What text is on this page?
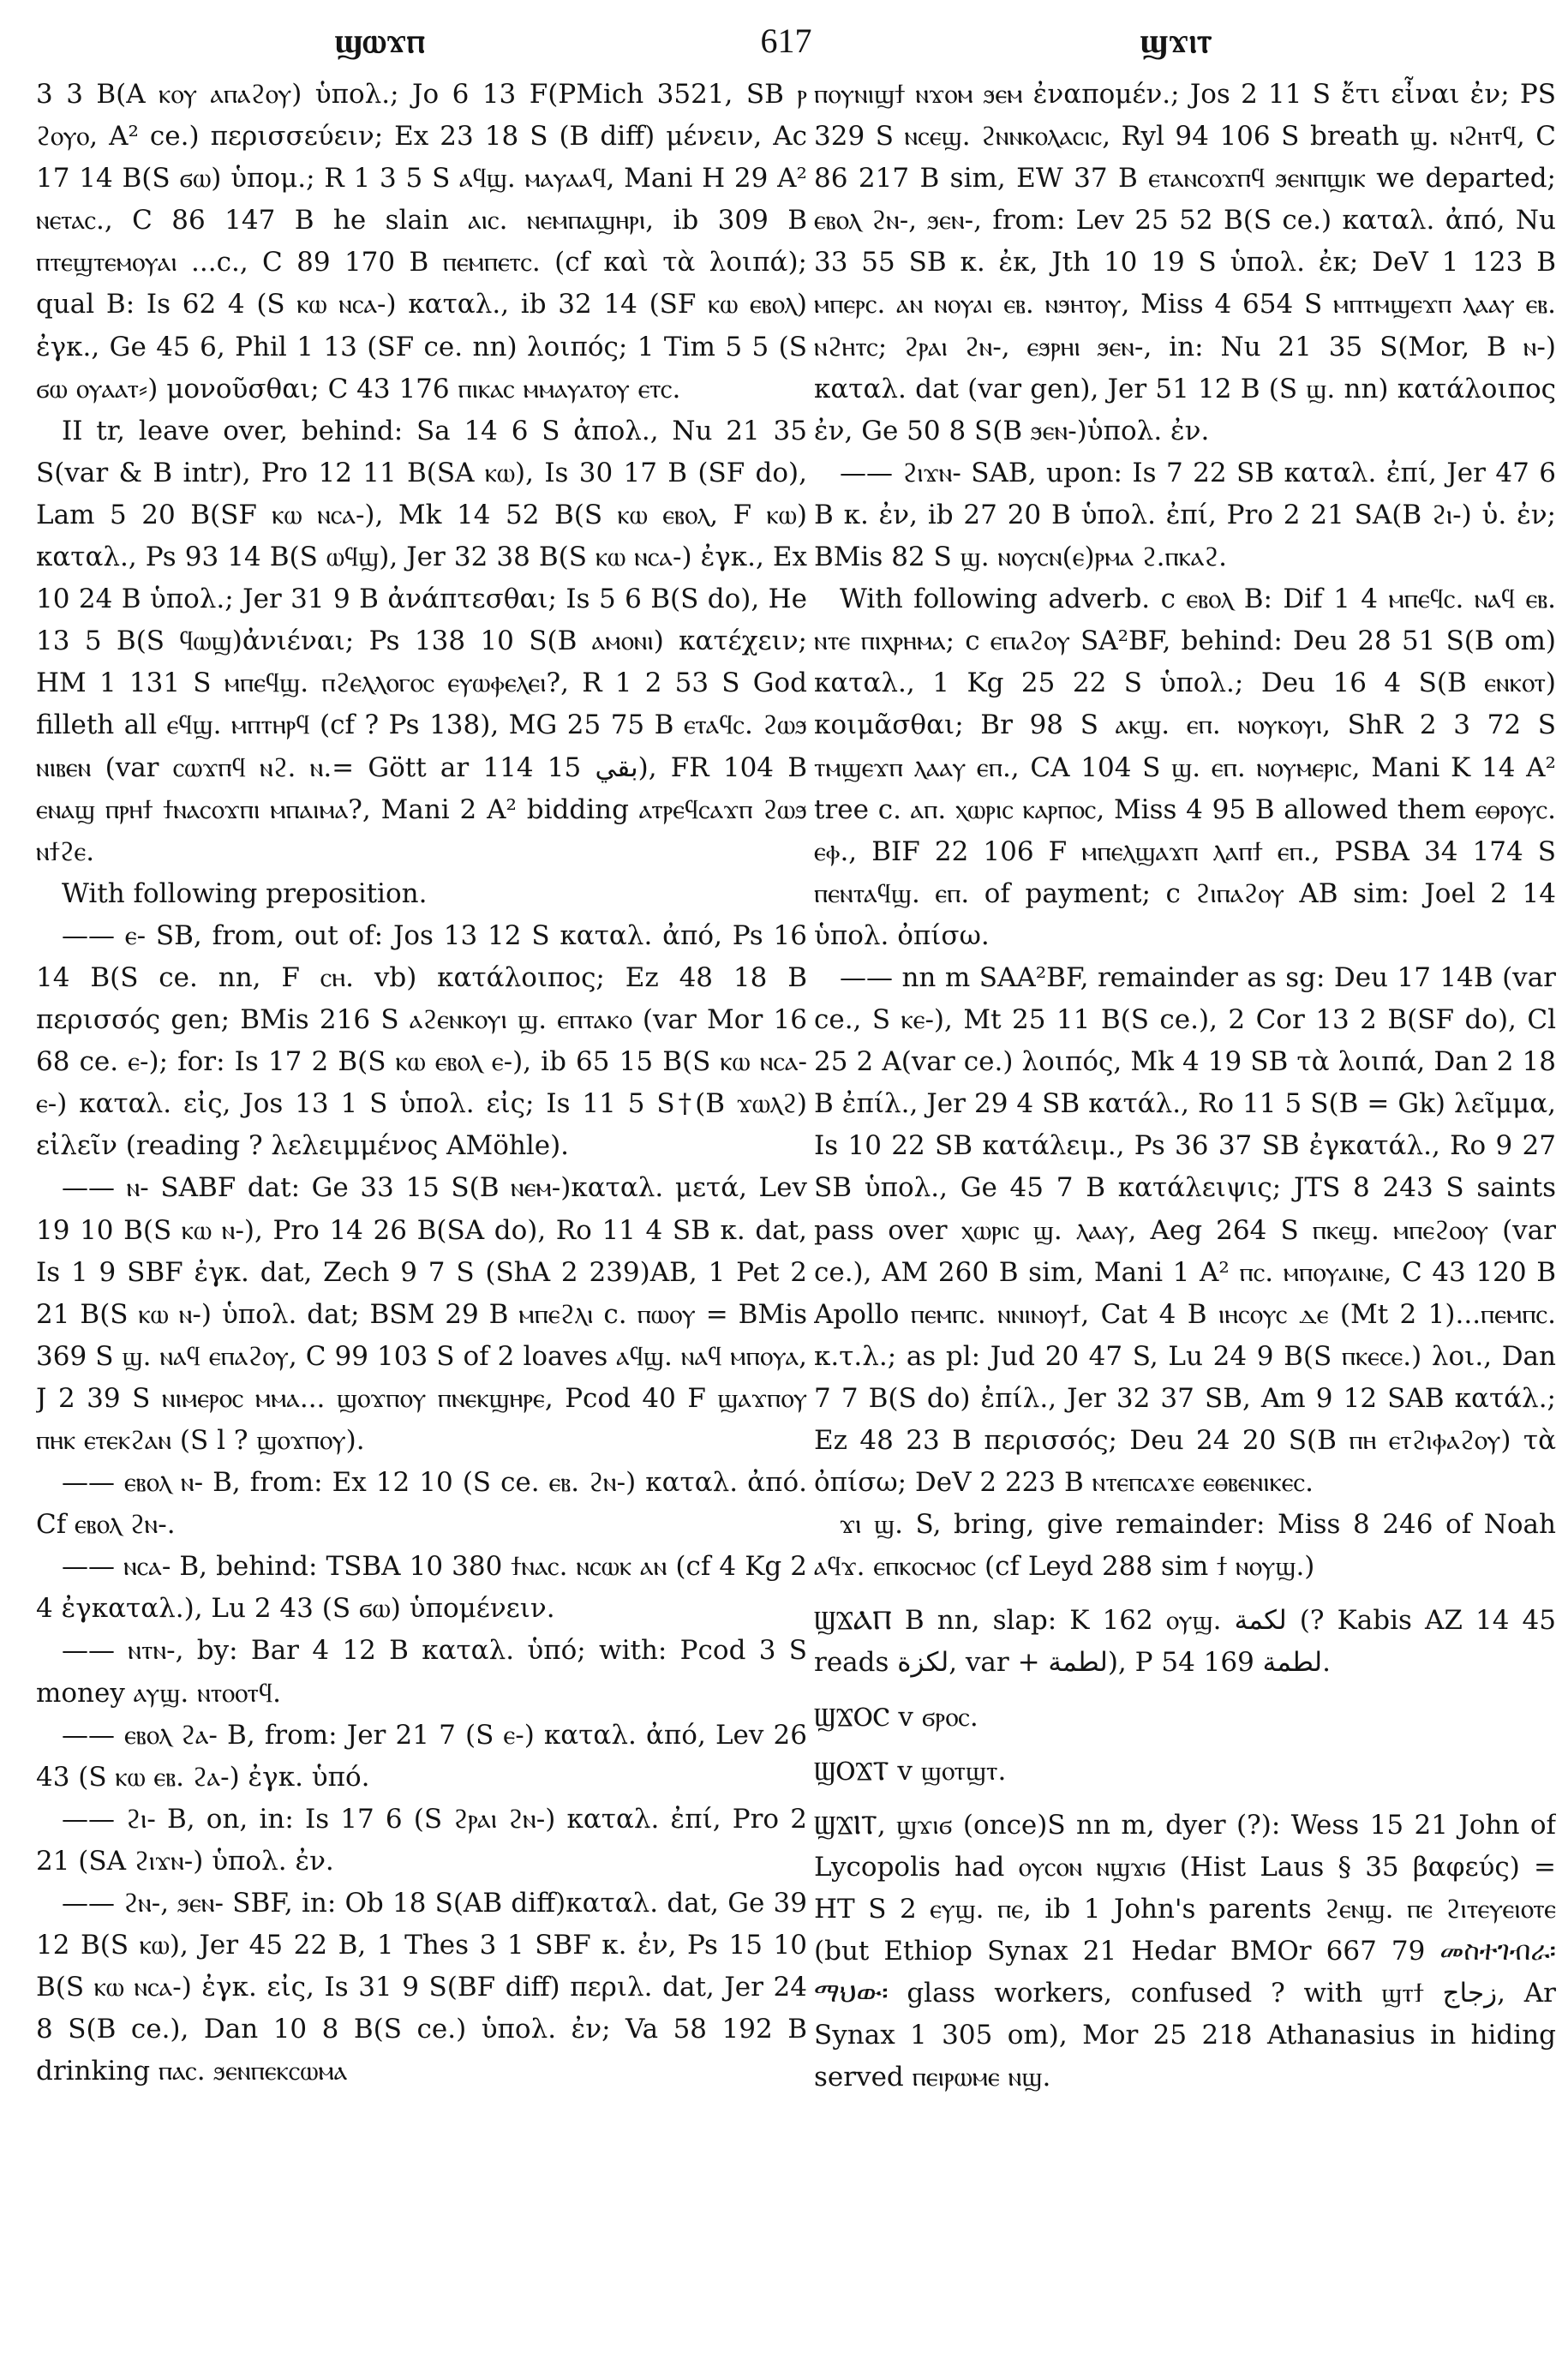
ϣⲱϫⲡ	617	ϣϫⲓⲧ

3 3 B(A ⲕⲟⲩ ⲁⲡⲁϩⲟⲩ) ὑπολ.; Jo 6 13 F(PMich 3521, SB ⲣ ϩⲟⲩⲟ, A² ce.) περισσεύειν; Ex 23 18 S (B diff) μένειν, Ac 17 14 B(S ϭⲱ) ὑπομ.; R 1 3 5 S ⲁϥϣ. ⲙⲁⲩⲁⲁϥ, Mani H 29 A² ⲛⲉⲧⲁⲥ., C 86 147 B he slain ⲁⲓⲥ. ⲛⲉⲙⲡⲁϣⲏⲣⲓ, ib 309 B ⲡⲧⲉϣⲧⲉⲙⲟⲩⲁⲓ ...c., C 89 170 B ⲡⲉⲙⲡⲉⲧⲥ. (cf καὶ τὰ λοιπά); qual B: Is 62 4 (S ⲕⲱ ⲛⲥⲁ-) καταλ., ib 32 14 (SF ⲕⲱ ⲉⲃⲟⲗ) ἐγκ., Ge 45 6, Phil 1 13 (SF ce. nn) λοιπός; 1 Tim 5 5 (S ϭⲱ ⲟⲩⲁⲁⲧ⸗) μονοῦσθαι; C 43 176 ⲡⲓⲕⲁⲥ ⲙⲙⲁⲩⲁⲧⲟⲩ ⲉⲧⲥ.

II tr, leave over, behind: Sa 14 6 S ἀπολ., Nu 21 35 S(var & B intr), Pro 12 11 B(SA ⲕⲱ), Is 30 17 B (SF do), Lam 5 20 B(SF ⲕⲱ ⲛⲥⲁ-), Mk 14 52 B(S ⲕⲱ ⲉⲃⲟⲗ, F ⲕⲱ) καταλ., Ps 93 14 B(S ⲱϥϣ), Jer 32 38 B(S ⲕⲱ ⲛⲥⲁ-) ἐγκ., Ex 10 24 B ὑπολ.; Jer 31 9 B ἀνάπτεσθαι; Is 5 6 B(S do), He 13 5 B(S ϥⲱϣ)ἀνιέναι; Ps 138 10 S(B ⲁⲙⲟⲛⲓ) κατέχειν; HM 1 131 S ⲙⲡⲉϥϣ. ⲡϩⲉⲗⲗⲟⲅⲟⲥ ⲉⲩⲱⲫⲉⲗⲉⲓ?, R 1 2 53 S God filleth all ⲉϥϣ. ⲙⲡⲧⲏⲣϥ (cf ? Ps 138), MG 25 75 B ⲉⲧⲁϥⲥ. ϩⲱϧ ⲛⲓⲃⲉⲛ (var ⲥⲱϫⲡϥ ⲛϩ. ⲛ.= Gött ar 114 15 بقي), FR 104 B ⲉⲛⲁϣ ⲡⲣⲏϯ ϯⲛⲁⲥⲟϫⲡⲓ ⲙⲡⲁⲓⲙⲁ?, Mani 2 A² bidding ⲁⲧⲣⲉϥⲥⲁϫⲡ ϩⲱϧ ⲛϯϩⲉ.

With following preposition.

—— ⲉ- SB, from, out of: Jos 13 12 S καταλ. ἀπό, Ps 16 14 B(S ce. nn, F ⲥⲏ. vb) κατάλοιπος; Ez 48 18 B περισσός gen; BMis 216 S ⲁϩⲉⲛⲕⲟⲩⲓ ϣ. ⲉⲡⲧⲁⲕⲟ (var Mor 16 68 ce. ⲉ-); for: Is 17 2 B(S ⲕⲱ ⲉⲃⲟⲗ ⲉ-), ib 65 15 B(S ⲕⲱ ⲛⲥⲁ- ⲉ-) καταλ. εἰς, Jos 13 1 S ὑπολ. εἰς; Is 11 5 S†(B ϫⲱⲗϩ) εἰλεῖν (reading ? λελειμμένος AMöhle).

—— ⲛ- SABF dat: Ge 33 15 S(B ⲛⲉⲙ-)καταλ. μετά, Lev 19 10 B(S ⲕⲱ ⲛ-), Pro 14 26 B(SA do), Ro 11 4 SB κ. dat, Is 1 9 SBF ἐγκ. dat, Zech 9 7 S (ShA 2 239)AB, 1 Pet 2 21 B(S ⲕⲱ ⲛ-) ὑπολ. dat; BSM 29 B ⲙⲡⲉϩⲗⲓ c. ⲡⲱⲟⲩ = BMis 369 S ϣ. ⲛⲁϥ ⲉⲡⲁϩⲟⲩ, C 99 103 S of 2 loaves ⲁϥϣ. ⲛⲁϥ ⲙⲡⲟⲩⲁ, J 2 39 S ⲛⲓⲙⲉⲣⲟⲥ ⲙⲙⲁ... ϣⲟϫⲡⲟⲩ ⲡⲛⲉⲕϣⲏⲣⲉ, Pcod 40 F ϣⲁϫⲡⲟⲩ ⲡⲏⲕ ⲉⲧⲉⲕϩⲁⲛ (S l ? ϣⲟϫⲡⲟⲩ).

—— ⲉⲃⲟⲗ ⲛ- B, from: Ex 12 10 (S ce. ⲉⲃ. ϩⲛ-) καταλ. ἀπό. Cf ⲉⲃⲟⲗ ϩⲛ-.

—— ⲛⲥⲁ- B, behind: TSBA 10 380 ϯⲛⲁⲥ. ⲛⲥⲱⲕ ⲁⲛ (cf 4 Kg 2 4 ἐγκαταλ.), Lu 2 43 (S ϭⲱ) ὑπομένειν.

—— ⲛⲧⲛ-, by: Bar 4 12 B καταλ. ὑπό; with: Pcod 3 S money ⲁⲩϣ. ⲛⲧⲟⲟⲧϥ.

—— ⲉⲃⲟⲗ ϩⲁ- B, from: Jer 21 7 (S ⲉ-) καταλ. ἀπό, Lev 26 43 (S ⲕⲱ ⲉⲃ. ϩⲁ-) ἐγκ. ὑπό.

—— ϩⲓ- B, on, in: Is 17 6 (S ϩⲣⲁⲓ ϩⲛ-) καταλ. ἐπί, Pro 2 21 (SA ϩⲓϫⲛ-) ὑπολ. ἐν.

—— ϩⲛ-, ϧⲉⲛ- SBF, in: Ob 18 S(AB diff)καταλ. dat, Ge 39 12 B(S ⲕⲱ), Jer 45 22 B, 1 Thes 3 1 SBF κ. ἐν, Ps 15 10 B(S ⲕⲱ ⲛⲥⲁ-) ἐγκ. εἰς, Is 31 9 S(BF diff) περιλ. dat, Jer 24 8 S(B ce.), Dan 10 8 B(S ce.) ὑπολ. ἐν; Va 58 192 B drinking ⲡⲁⲥ. ϧⲉⲛⲡⲉⲕⲥⲱⲙⲁ

ⲡⲟⲩⲛⲓϣϯ ⲛϫⲟⲙ ϧⲉⲙ ἐναπομέν.; Jos 2 11 S ἔτι εἶναι ἐν; PS 329 S ⲛⲥⲉϣ. ϩⲛⲛⲕⲟⲗⲁⲥⲓⲥ, Ryl 94 106 S breath ϣ. ⲛϩⲏⲧϥ, C 86 217 B sim, EW 37 B ⲉⲧⲁⲛⲥⲟϫⲡϥ ϧⲉⲛⲡϣⲓⲕ we departed; ⲉⲃⲟⲗ ϩⲛ-, ϧⲉⲛ-, from: Lev 25 52 B(S ce.) καταλ. ἀπό, Nu 33 55 SB κ. ἐκ, Jth 10 19 S ὑπολ. ἐκ; DeV 1 123 B ⲙⲡⲉⲣⲥ. ⲁⲛ ⲛⲟⲩⲁⲓ ⲉⲃ. ⲛϧⲏⲧⲟⲩ, Miss 4 654 S ⲙⲡⲧⲙϣⲉϫⲡ ⲗⲁⲁⲩ ⲉⲃ. ⲛϩⲏⲧⲥ; ϩⲣⲁⲓ ϩⲛ-, ⲉϧⲣⲏⲓ ϧⲉⲛ-, in: Nu 21 35 S(Mor, B ⲛ-) καταλ. dat (var gen), Jer 51 12 B (S ϣ. nn) κατάλοιπος ἐν, Ge 50 8 S(B ϧⲉⲛ-)ὑπολ. ἐν.

—— ϩⲓϫⲛ- SAB, upon: Is 7 22 SB καταλ. ἐπί, Jer 47 6 B κ. ἐν, ib 27 20 B ὑπολ. ἐπί, Pro 2 21 SA(B ϩⲓ-) ὑ. ἐν; BMis 82 S ϣ. ⲛⲟⲩⲥⲛ(ⲉ)ⲣⲙⲁ ϩ.ⲡⲕⲁϩ.

With following adverb. c ⲉⲃⲟⲗ B: Dif 1 4 ⲙⲡⲉϥⲥ. ⲛⲁϥ ⲉⲃ. ⲛⲧⲉ ⲡⲓⲭⲣⲏⲙⲁ; c ⲉⲡⲁϩⲟⲩ SA²BF, behind: Deu 28 51 S(B om) καταλ., 1 Kg 25 22 S ὑπολ.; Deu 16 4 S(B ⲉⲛⲕⲟⲧ) κοιμᾶσθαι; Br 98 S ⲁⲕϣ. ⲉⲡ. ⲛⲟⲩⲕⲟⲩⲓ, ShR 2 3 72 S ⲧⲙϣⲉϫⲡ ⲗⲁⲁⲩ ⲉⲡ., CA 104 S ϣ. ⲉⲡ. ⲛⲟⲩⲙⲉⲣⲓⲥ, Mani K 14 A² tree c. ⲁⲡ. ⲭⲱⲣⲓⲥ ⲕⲁⲣⲡⲟⲥ, Miss 4 95 B allowed them ⲉⲑⲣⲟⲩⲥ. ⲉⲫ., BIF 22 106 F ⲙⲡⲉⲗϣⲁϫⲡ ⲗⲁⲡϯ ⲉⲡ., PSBA 34 174 S ⲡⲉⲛⲧⲁϥϣ. ⲉⲡ. of payment; c ϩⲓⲡⲁϩⲟⲩ AB sim: Joel 2 14 ὑπολ. ὀπίσω.

—— nn m SAA²BF, remainder as sg: Deu 17 14B (var ce., S ⲕⲉ-), Mt 25 11 B(S ce.), 2 Cor 13 2 B(SF do), Cl 25 2 A(var ce.) λοιπός, Mk 4 19 SB τὰ λοιπά, Dan 2 18 B ἐπίλ., Jer 29 4 SB κατάλ., Ro 11 5 S(B = Gk) λεῖμμα, Is 10 22 SB κατάλειμ., Ps 36 37 SB ἐγκατάλ., Ro 9 27 SB ὑπολ., Ge 45 7 B κατάλειψις; JTS 8 243 S saints pass over ⲭⲱⲣⲓⲥ ϣ. ⲗⲁⲁⲩ, Aeg 264 S ⲡⲕⲉϣ. ⲙⲡⲉϩⲟⲟⲩ (var ce.), AM 260 B sim, Mani 1 A² ⲡⲥ. ⲙⲡⲟⲩⲁⲓⲛⲉ, C 43 120 B Apollo ⲡⲉⲙⲡⲥ. ⲛⲛⲓⲛⲟⲩϯ, Cat 4 B ⲓⲏⲥⲟⲩⲥ ⲇⲉ (Mt 2 1)...ⲡⲉⲙⲡⲥ. κ.τ.λ.; as pl: Jud 20 47 S, Lu 24 9 B(S ⲡⲕⲉⲥⲉ.) λοι., Dan 7 7 B(S do) ἐπίλ., Jer 32 37 SB, Am 9 12 SAB κατάλ.; Ez 48 23 B περισσός; Deu 24 20 S(B ⲡⲏ ⲉⲧϩⲓⲫⲁϩⲟⲩ) τὰ ὀπίσω; DeV 2 223 B ⲛⲧⲉⲡⲥⲁϫⲉ ⲉⲑⲃⲉⲛⲓⲕⲉⲥ.

ϫⲓ ϣ. S, bring, give remainder: Miss 8 246 of Noah ⲁϥϫ. ⲉⲡⲕⲟⲥⲙⲟⲥ (cf Leyd 288 sim ϯ ⲛⲟⲩϣ.)

ϢϪⲀⲠ B nn, slap: K 162 ⲟⲩϣ. لكمة (? Kabis AZ 14 45 reads لكزة, var + لطمة), P 54 169 لطمة.

ϢϪⲞⲤ v ϭⲣⲟⲥ.

ϢⲞϪⲦ v ϣⲟⲧϣⲧ.

ϢϪⲒⲦ, ϣϫⲓϭ (once)S nn m, dyer (?): Wess 15 21 John of Lycopolis had ⲟⲩⲥⲟⲛ ⲛϣϫⲓϭ (Hist Laus § 35 βαφεύς) = HT S 2 ⲉⲩϣ. ⲡⲉ, ib 1 John's parents ϩⲉⲛϣ. ⲡⲉ ϩⲓⲧⲉⲩⲉⲓⲟⲧⲉ (but Ethiop Synax 21 Hedar BMOr 667 79 መስተገብራ፡ ማህው፡ glass workers, confused ? with ϣⲧϯ زجاج, Ar Synax 1 305 om), Mor 25 218 Athanasius in hiding served ⲡⲉⲓⲣⲱⲙⲉ ⲛϣ.
